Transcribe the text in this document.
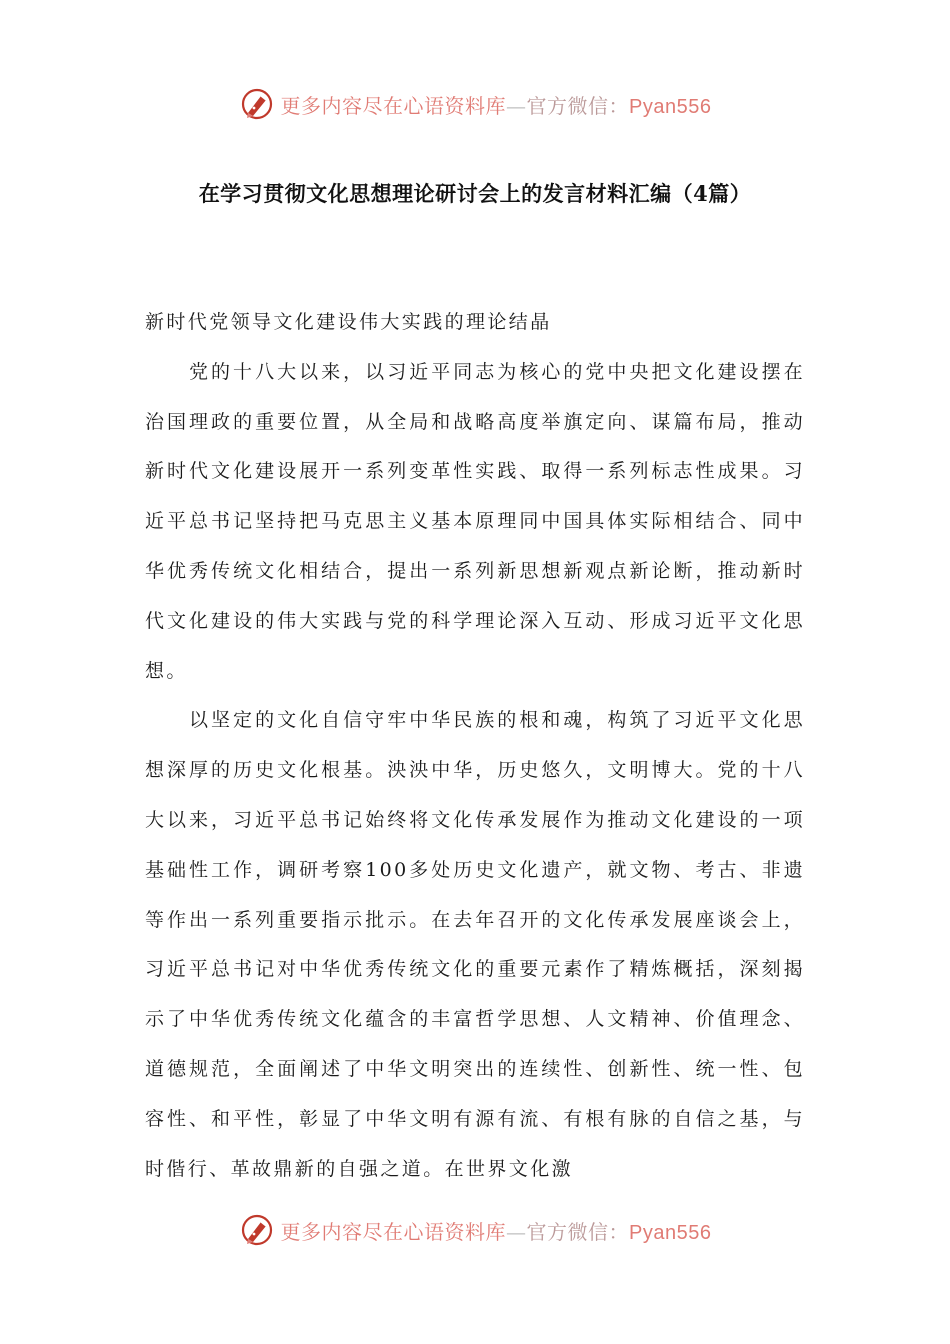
更多内容尽在心语资料库—官方微信：Pyan556
在学习贯彻文化思想理论研讨会上的发言材料汇编（4篇）

新时代党领导文化建设伟大实践的理论结晶

党的十八大以来，以习近平同志为核心的党中央把文化建设摆在治国理政的重要位置，从全局和战略高度举旗定向、谋篇布局，推动新时代文化建设展开一系列变革性实践、取得一系列标志性成果。习近平总书记坚持把马克思主义基本原理同中国具体实际相结合、同中华优秀传统文化相结合，提出一系列新思想新观点新论断，推动新时代文化建设的伟大实践与党的科学理论深入互动、形成习近平文化思想。

以坚定的文化自信守牢中华民族的根和魂，构筑了习近平文化思想深厚的历史文化根基。泱泱中华，历史悠久，文明博大。党的十八大以来，习近平总书记始终将文化传承发展作为推动文化建设的一项基础性工作，调研考察100多处历史文化遗产，就文物、考古、非遗等作出一系列重要指示批示。在去年召开的文化传承发展座谈会上，习近平总书记对中华优秀传统文化的重要元素作了精炼概括，深刻揭示了中华优秀传统文化蕴含的丰富哲学思想、人文精神、价值理念、道德规范，全面阐述了中华文明突出的连续性、创新性、统一性、包容性、和平性，彰显了中华文明有源有流、有根有脉的自信之基，与时偕行、革故鼎新的自强之道。在世界文化激

更多内容尽在心语资料库—官方微信：Pyan556
